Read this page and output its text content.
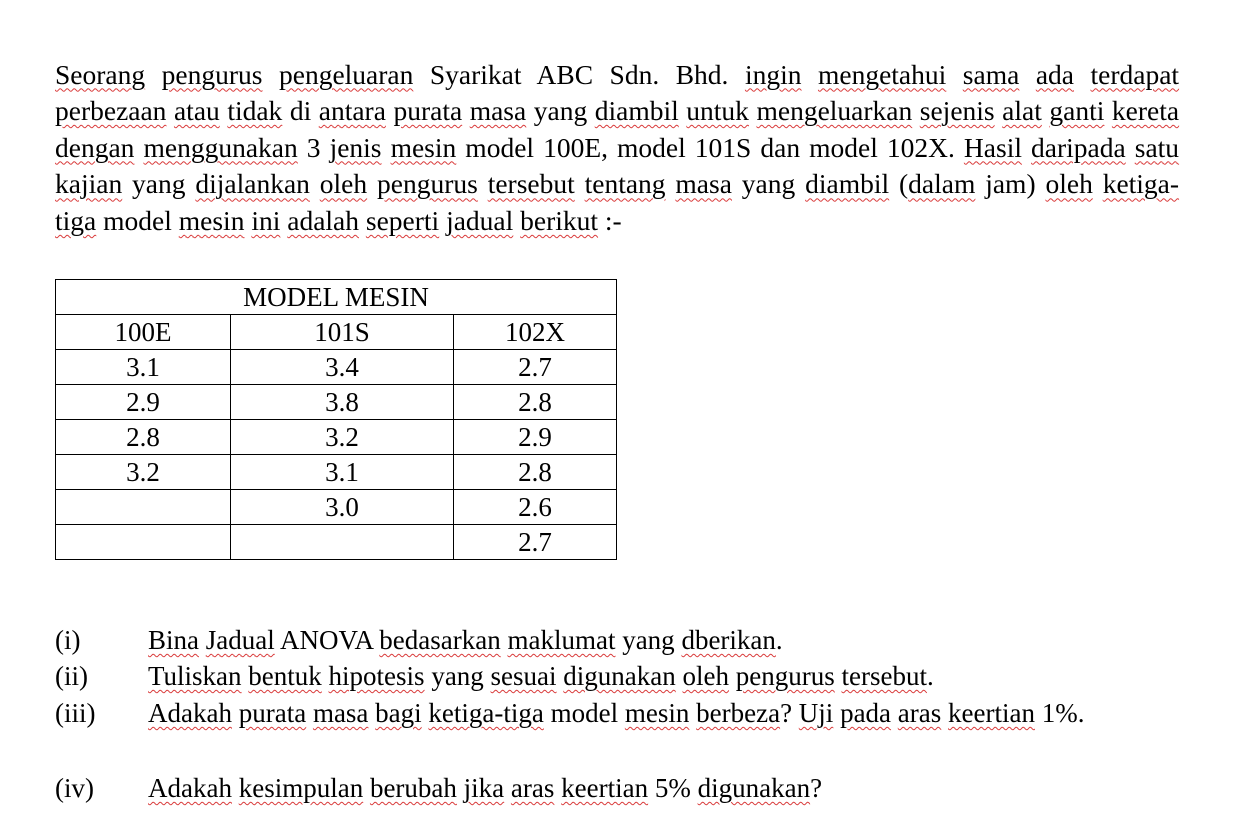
Seorang pengurus pengeluaran Syarikat ABC Sdn. Bhd. ingin mengetahui sama ada terdapat perbezaan atau tidak di antara purata masa yang diambil untuk mengeluarkan sejenis alat ganti kereta dengan menggunakan 3 jenis mesin model 100E, model 101S dan model 102X. Hasil daripada satu kajian yang dijalankan oleh pengurus tersebut tentang masa yang diambil (dalam jam) oleh ketiga-tiga model mesin ini adalah seperti jadual berikut :-

MODEL MESIN		
100E	101S	102X
3.1	3.4	2.7
2.9	3.8	2.8
2.8	3.2	2.9
3.2	3.1	2.8
	3.0	2.6
		2.7
(i)	Bina Jadual ANOVA bedasarkan maklumat yang dberikan.
(ii) Tuliskan bentuk hipotesis yang sesuai digunakan oleh pengurus tersebut.
(iii) Adakah purata masa bagi ketiga-tiga model mesin berbeza? Uji pada aras keertian 1%.
(iv) Adakah kesimpulan berubah jika aras keertian 5% digunakan?
